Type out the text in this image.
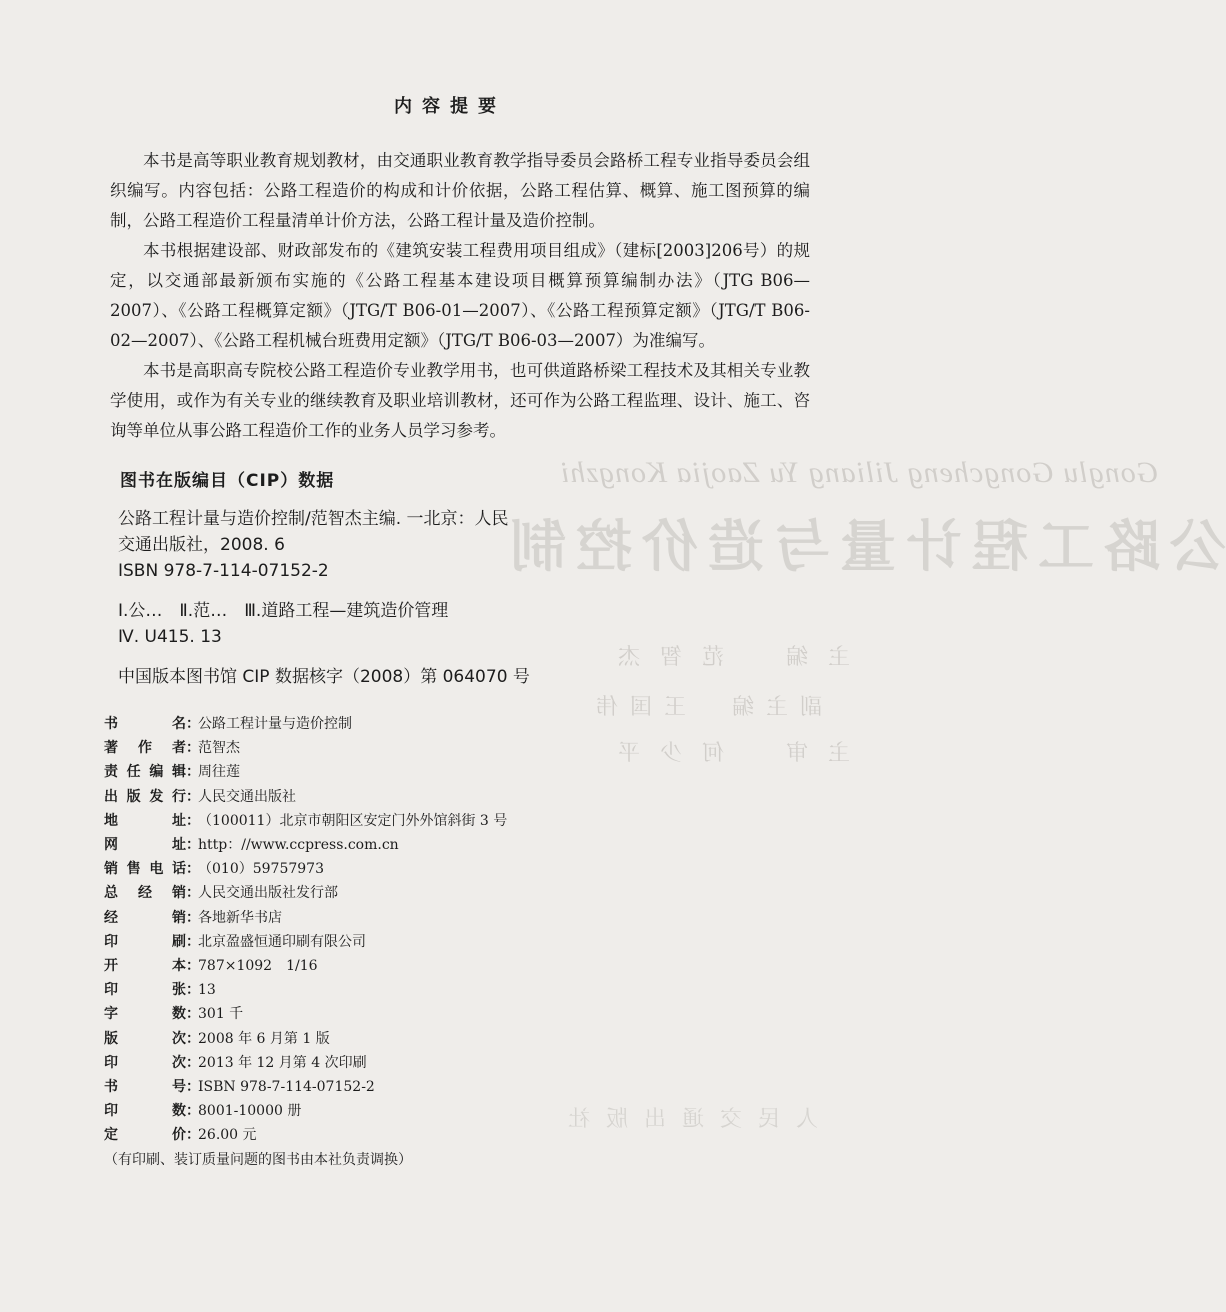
Gonglu Gongcheng Jiliang Yu Zaojia Kongzhi
公路工程计量与造价控制
主编　范智杰
副主编　王国伟
主审　何少平
人民交通出版社
内容提要

本书是高等职业教育规划教材，由交通职业教育教学指导委员会路桥工程专业指导委员会组织编写。内容包括：公路工程造价的构成和计价依据，公路工程估算、概算、施工图预算的编制，公路工程造价工程量清单计价方法，公路工程计量及造价控制。

本书根据建设部、财政部发布的《建筑安装工程费用项目组成》（建标[2003]206号）的规定，以交通部最新颁布实施的《公路工程基本建设项目概算预算编制办法》（JTG B06—2007）、《公路工程概算定额》（JTG/T B06-01—2007）、《公路工程预算定额》（JTG/T B06-02—2007）、《公路工程机械台班费用定额》（JTG/T B06-03—2007）为准编写。

本书是高职高专院校公路工程造价专业教学用书，也可供道路桥梁工程技术及其相关专业教学使用，或作为有关专业的继续教育及职业培训教材，还可作为公路工程监理、设计、施工、咨询等单位从事公路工程造价工作的业务人员学习参考。

图书在版编目（CIP）数据
公路工程计量与造价控制/范智杰主编. 一北京：人民
交通出版社，2008. 6
ISBN 978-7-114-07152-2
Ⅰ.公…　Ⅱ.范…　Ⅲ.道路工程—建筑造价管理
Ⅳ. U415. 13
中国版本图书馆 CIP 数据核字（2008）第 064070 号
书名 ：
公路工程计量与造价控制
著作者 ：
范智杰
责任编辑 ：
周往莲
出版发行 ：
人民交通出版社
地址 ：
（100011）北京市朝阳区安定门外外馆斜街 3 号
网址 ：
http：//www.ccpress.com.cn
销售电话 ：
（010）59757973
总经销 ：
人民交通出版社发行部
经销 ：
各地新华书店
印刷 ：
北京盈盛恒通印刷有限公司
开本 ：
787×1092　1/16
印张 ：
13
字数 ：
301 千
版次 ：
2008 年 6 月第 1 版
印次 ：
2013 年 12 月第 4 次印刷
书号 ：
ISBN 978-7-114-07152-2
印数 ：
8001-10000 册
定价 ：
26.00 元
（有印刷、装订质量问题的图书由本社负责调换）
